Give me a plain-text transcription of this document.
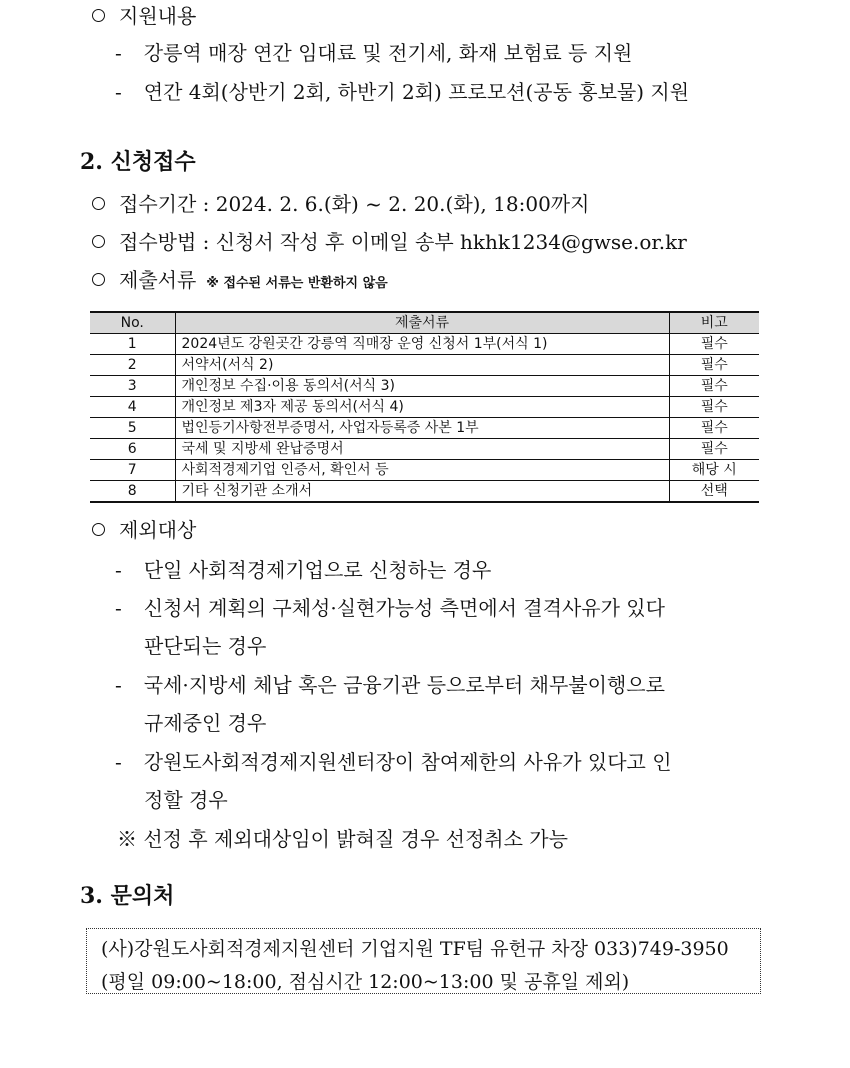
지원내용
- 강릉역 매장 연간 임대료 및 전기세, 화재 보험료 등 지원
- 연간 4회(상반기 2회, 하반기 2회) 프로모션(공동 홍보물) 지원
2. 신청접수
접수기간 : 2024. 2. 6.(화) ~ 2. 20.(화), 18:00까지
접수방법 : 신청서 작성 후 이메일 송부 hkhk1234@gwse.or.kr
제출서류 ※ 접수된 서류는 반환하지 않음
No.	제출서류	비고
1	2024년도 강원곳간 강릉역 직매장 운영 신청서 1부(서식 1)	필수
2	서약서(서식 2)	필수
3	개인정보 수집·이용 동의서(서식 3)	필수
4	개인정보 제3자 제공 동의서(서식 4)	필수
5	법인등기사항전부증명서, 사업자등록증 사본 1부	필수
6	국세 및 지방세 완납증명서	필수
7	사회적경제기업 인증서, 확인서 등	해당 시
8	기타 신청기관 소개서	선택
제외대상
- 단일 사회적경제기업으로 신청하는 경우
- 신청서 계획의 구체성·실현가능성 측면에서 결격사유가 있다
판단되는 경우
- 국세·지방세 체납 혹은 금융기관 등으로부터 채무불이행으로
규제중인 경우
- 강원도사회적경제지원센터장이 참여제한의 사유가 있다고 인
정할 경우
※ 선정 후 제외대상임이 밝혀질 경우 선정취소 가능
3. 문의처
(사)강원도사회적경제지원센터 기업지원 TF팀 유헌규 차장 033)749-3950
(평일 09:00~18:00, 점심시간 12:00~13:00 및 공휴일 제외)
